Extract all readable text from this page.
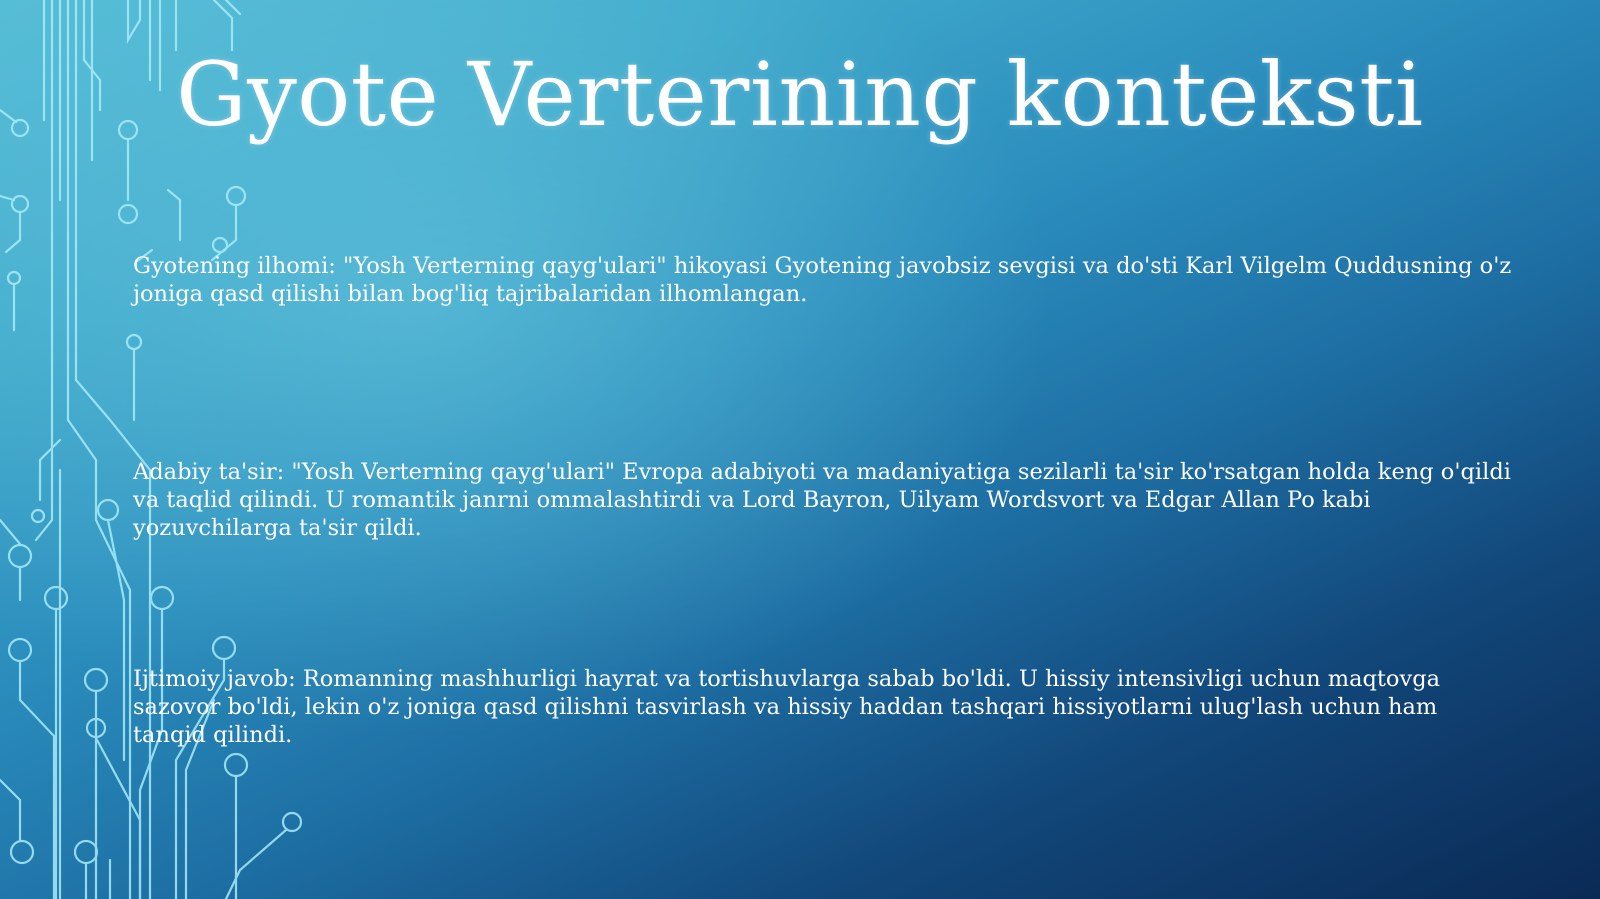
Gyote Verterining konteksti

Gyotening ilhomi: "Yosh Verterning qayg'ulari" hikoyasi Gyotening javobsiz sevgisi va do'sti Karl Vilgelm Quddusning o'z joniga qasd qilishi bilan bog'liq tajribalaridan ilhomlangan.

Adabiy ta'sir: "Yosh Verterning qayg'ulari" Evropa adabiyoti va madaniyatiga sezilarli ta'sir ko'rsatgan holda keng o'qildi va taqlid qilindi. U romantik janrni ommalashtirdi va Lord Bayron, Uilyam Wordsvort va Edgar Allan Po kabi yozuvchilarga ta'sir qildi.

Ijtimoiy javob: Romanning mashhurligi hayrat va tortishuvlarga sabab bo'ldi. U hissiy intensivligi uchun maqtovga sazovor bo'ldi, lekin o'z joniga qasd qilishni tasvirlash va hissiy haddan tashqari hissiyotlarni ulug'lash uchun ham tanqid qilindi.
